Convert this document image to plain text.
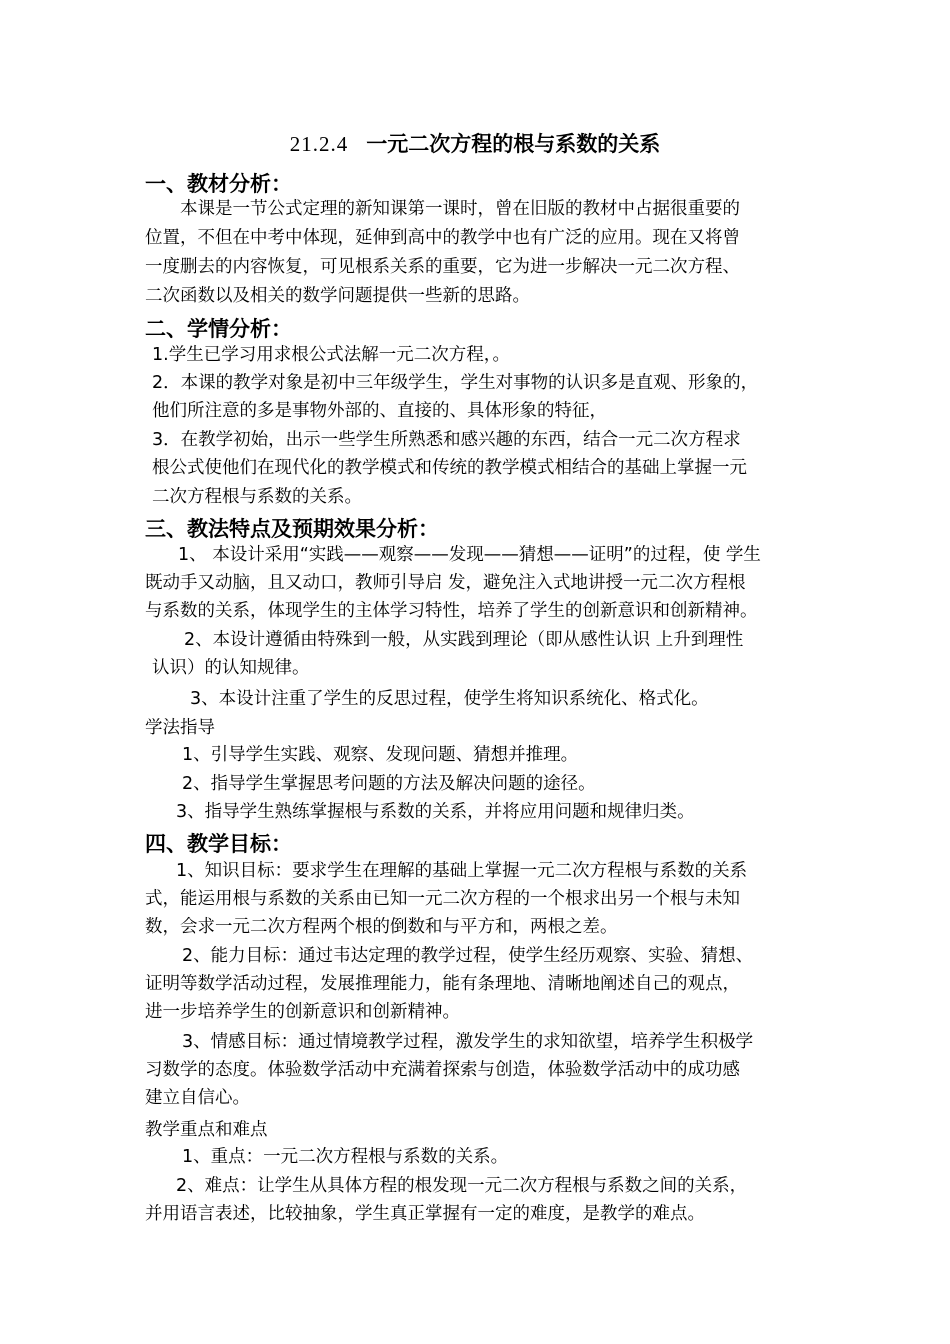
21.2.4 一元二次方程的根与系数的关系
一、教材分析：
本课是一节公式定理的新知课第一课时，曾在旧版的教材中占据很重要的
位置，不但在中考中体现，延伸到高中的教学中也有广泛的应用。现在又将曾
一度删去的内容恢复，可见根系关系的重要，它为进一步解决一元二次方程、
二次函数以及相关的数学问题提供一些新的思路。
二、学情分析：
1.学生已学习用求根公式法解一元二次方程，。
2．本课的教学对象是初中三年级学生，学生对事物的认识多是直观、形象的，
他们所注意的多是事物外部的、直接的、具体形象的特征，
3．在教学初始，出示一些学生所熟悉和感兴趣的东西，结合一元二次方程求
根公式使他们在现代化的教学模式和传统的教学模式相结合的基础上掌握一元
二次方程根与系数的关系。
三、教法特点及预期效果分析：
1、 本设计采用“实践——观察——发现——猜想——证明”的过程，使 学生
既动手又动脑，且又动口，教师引导启 发，避免注入式地讲授一元二次方程根
与系数的关系，体现学生的主体学习特性，培养了学生的创新意识和创新精神。
2、本设计遵循由特殊到一般，从实践到理论（即从感性认识 上升到理性
认识）的认知规律。
3、本设计注重了学生的反思过程，使学生将知识系统化、格式化。
学法指导
1、引导学生实践、观察、发现问题、猜想并推理。
2、指导学生掌握思考问题的方法及解决问题的途径。
3、指导学生熟练掌握根与系数的关系，并将应用问题和规律归类。
四、教学目标：
1、知识目标：要求学生在理解的基础上掌握一元二次方程根与系数的关系
式，能运用根与系数的关系由已知一元二次方程的一个根求出另一个根与未知
数，会求一元二次方程两个根的倒数和与平方和，两根之差。
2、能力目标：通过韦达定理的教学过程，使学生经历观察、实验、猜想、
证明等数学活动过程，发展推理能力，能有条理地、清晰地阐述自己的观点，
进一步培养学生的创新意识和创新精神。
3、情感目标：通过情境教学过程，激发学生的求知欲望，培养学生积极学
习数学的态度。体验数学活动中充满着探索与创造，体验数学活动中的成功感
建立自信心。
教学重点和难点
1、重点：一元二次方程根与系数的关系。
2、难点：让学生从具体方程的根发现一元二次方程根与系数之间的关系，
并用语言表述，比较抽象，学生真正掌握有一定的难度，是教学的难点。
